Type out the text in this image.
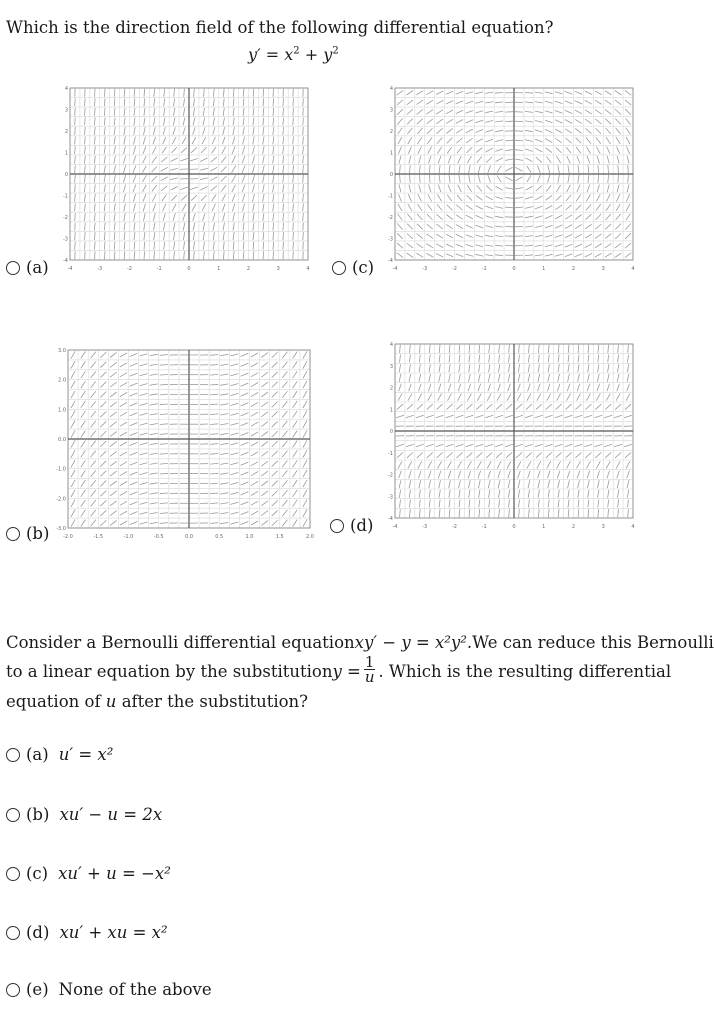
Which is the direction field of the following differential equation?
$y' = x^2 + y^2$
(a)	-4	-3	-2	-1	0	1	2	3	4
4
3
2
1
0
-1
-2
-3
-4	(c)	-4	-3	-2	-1	0	1	2	3	4
4
3
2
1
0
-1
-2
-3
-4
(b)	-2.0	-1.5	-1.0	-0.5	0.0	0.5	1.0	1.5	2.0
3.0
2.0
1.0
0.0
-1.0
-2.0
-3.0	(d)	-4	-3	-2	-1	0	1	2	3	4
4
3
2
1
0
-1
-2
-3
-4
Consider a Bernoulli differential equation xy′ − y = x²y². We can reduce this Bernoulli
to a linear equation by the substitution $y = \frac{1}{u}$ . Which is the resulting differential
equation of u after the substitution?
(a) u′ = x²
(b) xu′ − u = 2x
(c) xu′ + u = −x²
(d) xu′ + xu = x²
(e) None of the above
